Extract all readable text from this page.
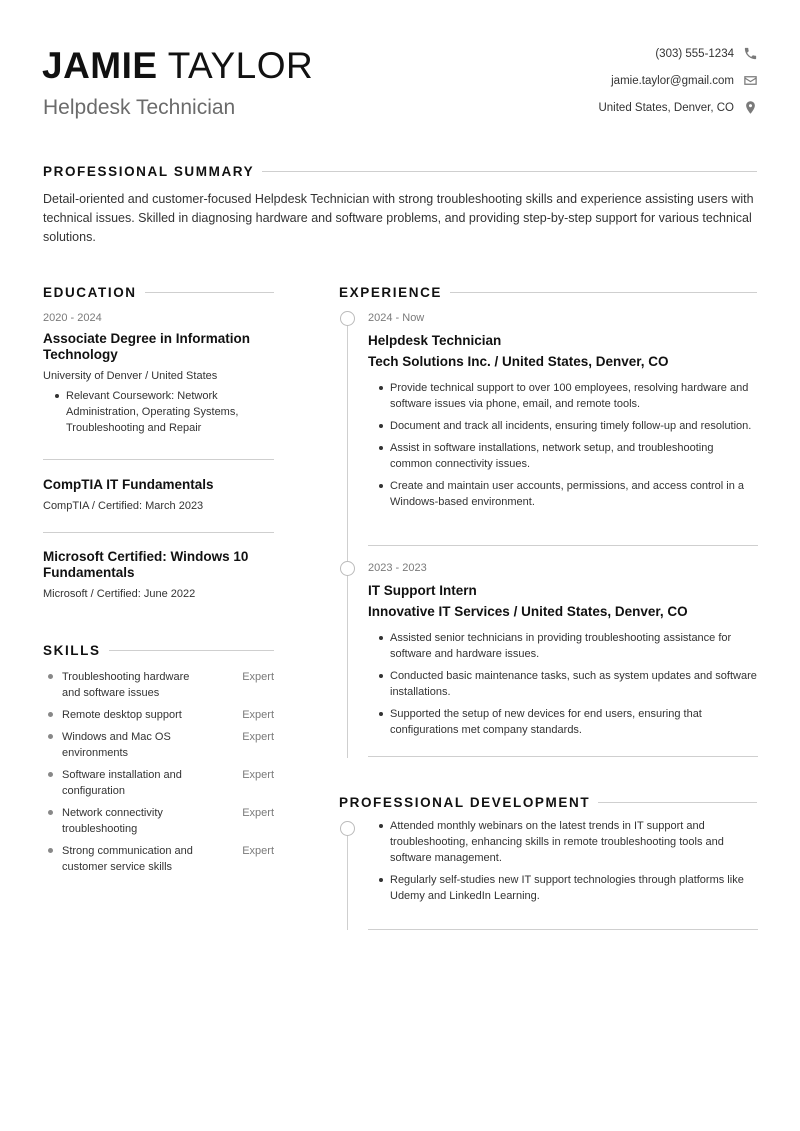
JAMIE TAYLOR
Helpdesk Technician
(303) 555-1234
jamie.taylor@gmail.com
United States, Denver, CO
PROFESSIONAL SUMMARY

Detail-oriented and customer-focused Helpdesk Technician with strong troubleshooting skills and experience assisting users with technical issues. Skilled in diagnosing hardware and software problems, and providing step-by-step support for various technical solutions.

EDUCATION
2020 - 2024
Associate Degree in Information Technology
University of Denver / United States
Relevant Coursework: Network Administration, Operating Systems, Troubleshooting and Repair
CompTIA IT Fundamentals
CompTIA / Certified: March 2023
Microsoft Certified: Windows 10 Fundamentals
Microsoft / Certified: June 2022
SKILLS
Troubleshooting hardware and software issues
Expert
Remote desktop support	Expert
Windows and Mac OS environments
Expert
Software installation and configuration
Expert
Network connectivity troubleshooting
Expert
Strong communication and customer service skills
Expert
EXPERIENCE
2024 - Now
Helpdesk Technician
Tech Solutions Inc. / United States, Denver, CO
Provide technical support to over 100 employees, resolving hardware and software issues via phone, email, and remote tools.
Document and track all incidents, ensuring timely follow-up and resolution.
Assist in software installations, network setup, and troubleshooting common connectivity issues.
Create and maintain user accounts, permissions, and access control in a Windows-based environment.
2023 - 2023
IT Support Intern
Innovative IT Services / United States, Denver, CO
Assisted senior technicians in providing troubleshooting assistance for software and hardware issues.
Conducted basic maintenance tasks, such as system updates and software installations.
Supported the setup of new devices for end users, ensuring that configurations met company standards.
PROFESSIONAL DEVELOPMENT
Attended monthly webinars on the latest trends in IT support and troubleshooting, enhancing skills in remote troubleshooting tools and software management.
Regularly self-studies new IT support technologies through platforms like Udemy and LinkedIn Learning.
